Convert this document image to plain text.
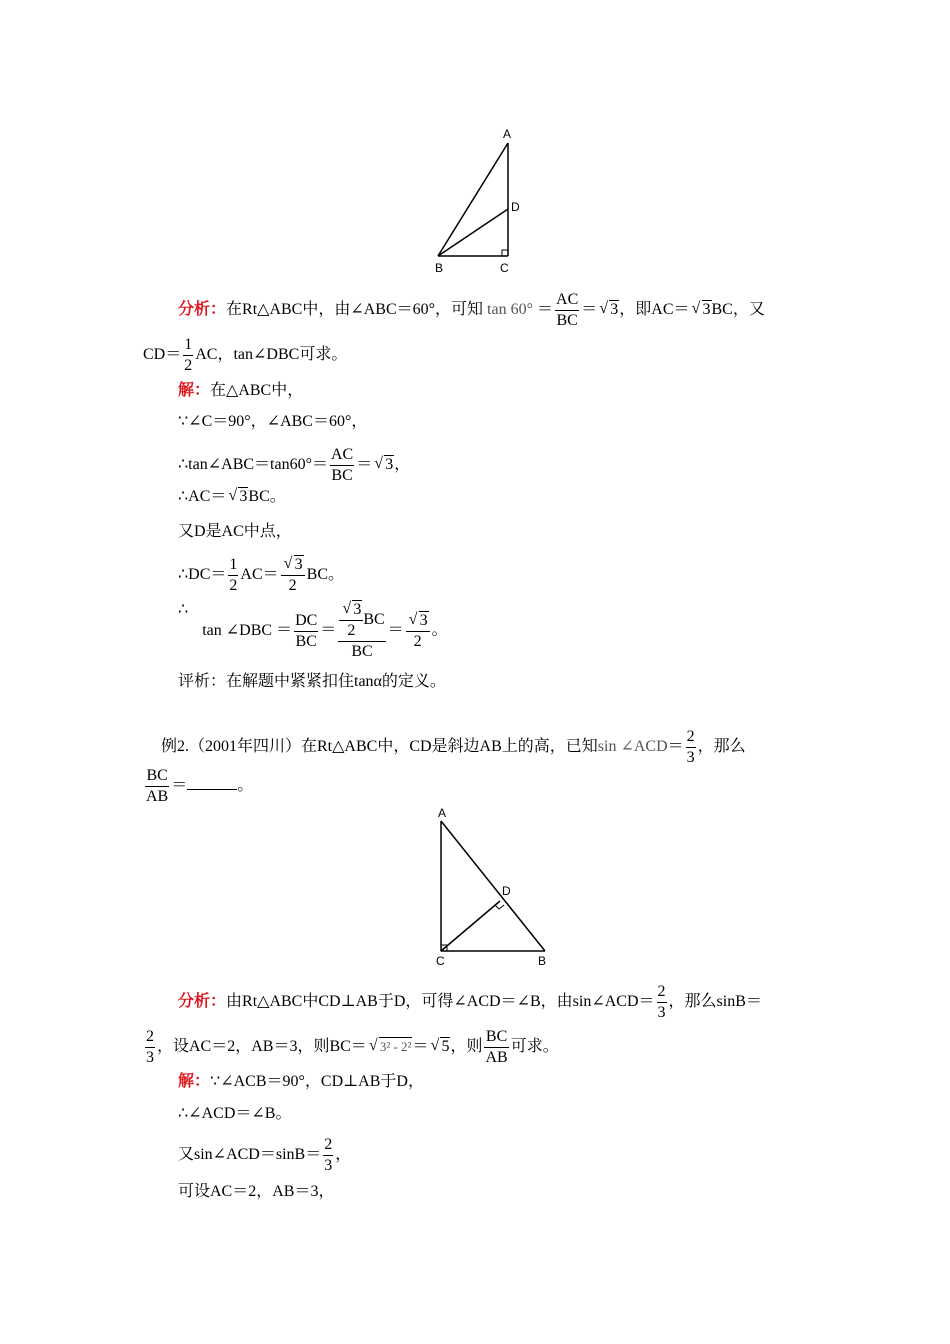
A
D
B	C
分析：在Rt△ABC中，由∠ABC＝60°，可知 $\tan 60^\circ = \frac{AC}{BC}$ ＝ √ 3，即AC＝ √ 3BC，又
$CD= \frac{1}{2}$ AC，tan∠DBC可求。
解：在△ABC中，
∵∠C＝90°，∠ABC＝60°，
∴tan∠ABC＝tan60°＝ $\frac{AC}{BC}$ ＝ √ 3，
∴AC＝ √ 3BC。
又D是AC中点，
∴DC＝ $\frac{1}{2} AC= \frac{√ 3}{2}$ BC。
∴ tan ∠DBC ＝ $\frac{DC}{BC} = \frac{\frac{√ 3}{2} BC}{BC} = \frac{√ 3}{2}$ 。
评析：在解题中紧紧扣住tanα的定义。
例2.（2001年四川）在Rt△ABC中，CD是斜边AB上的高，已知sin ∠ACD＝ $\frac{2}{3}$ ，那么
$\frac{BC}{AB}$ ＝	。
A
D
C	B
分析：由Rt△ABC中CD⊥AB于D，可得∠ACD＝∠B，由sin∠ACD＝ $\frac{2}{3}$ ，那么sinB＝
$\frac{2}{3}$ ，设AC＝2，AB＝3，则BC＝ √ 3² - 2²＝ √ 5，则 $\frac{BC}{AB}$ 可求。
解：∵∠ACB＝90°，CD⊥AB于D，
∴∠ACD＝∠B。
又sin∠ACD＝sinB＝ $\frac{2}{3}$ ，
可设AC＝2，AB＝3，
